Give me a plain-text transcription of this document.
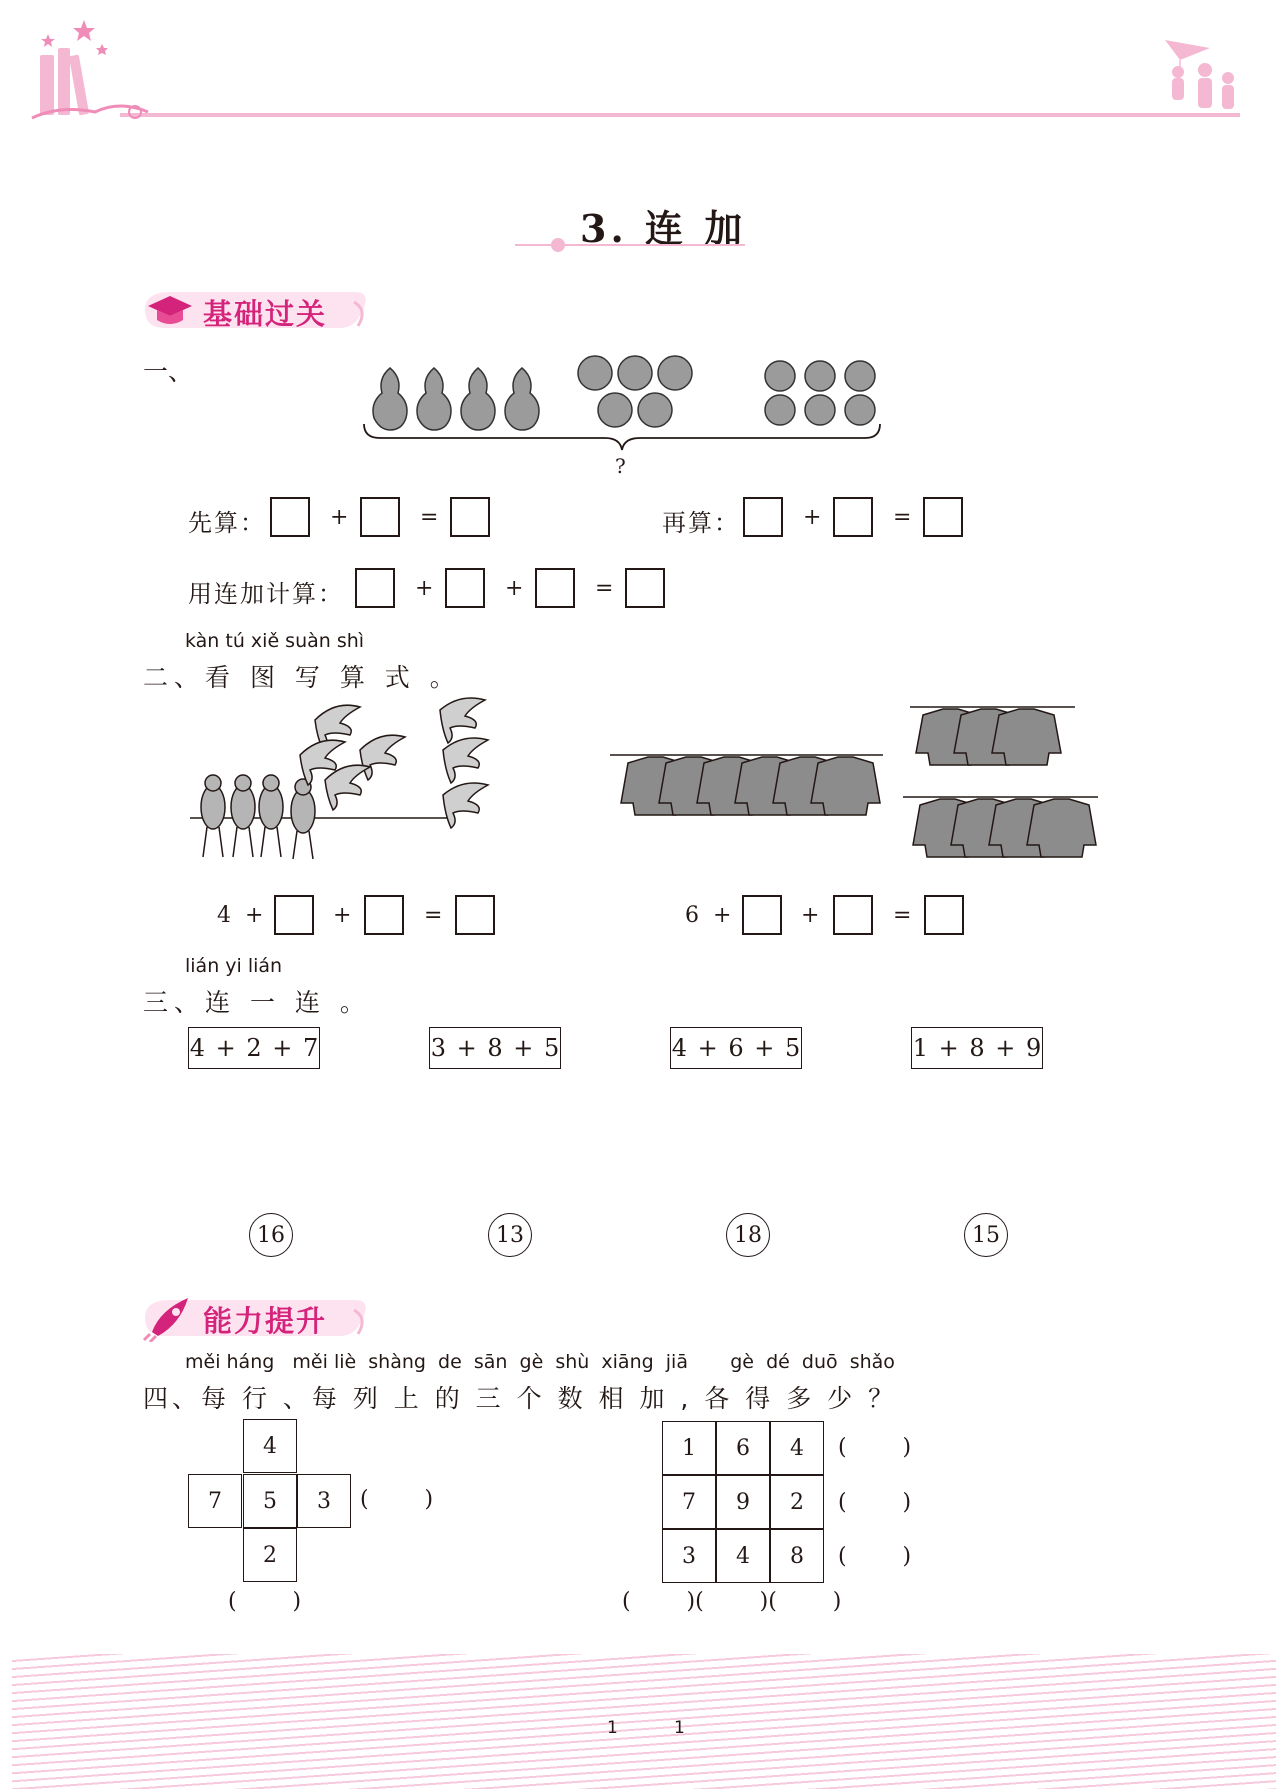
3. 连 加
基础过关
一、
?
先算：	+	=	再算：	+	=
用连加计算：	+	+	=
kàn tú xiě suàn shì
二、看 图 写 算 式 。
4  +	+	=	6  +	+	=
lián yi lián
三、连 一 连 。
4 + 2 + 7	3 + 8 + 5	4 + 6 + 5	1 + 8 + 9
16	13	18	15
能力提升
měi háng   měi liè  shàng  de  sān  gè  shù  xiāng  jiā       gè  dé  duō  shǎo
四、每 行 、每 列 上 的 三 个 数 相 加 , 各 得 多 少 ？
4
7	5	3
2
(        )
(        )
1	6	4
7	9	2
3	4	8
(        )
(        )
(        )
(        )(        )(        )
1	1
